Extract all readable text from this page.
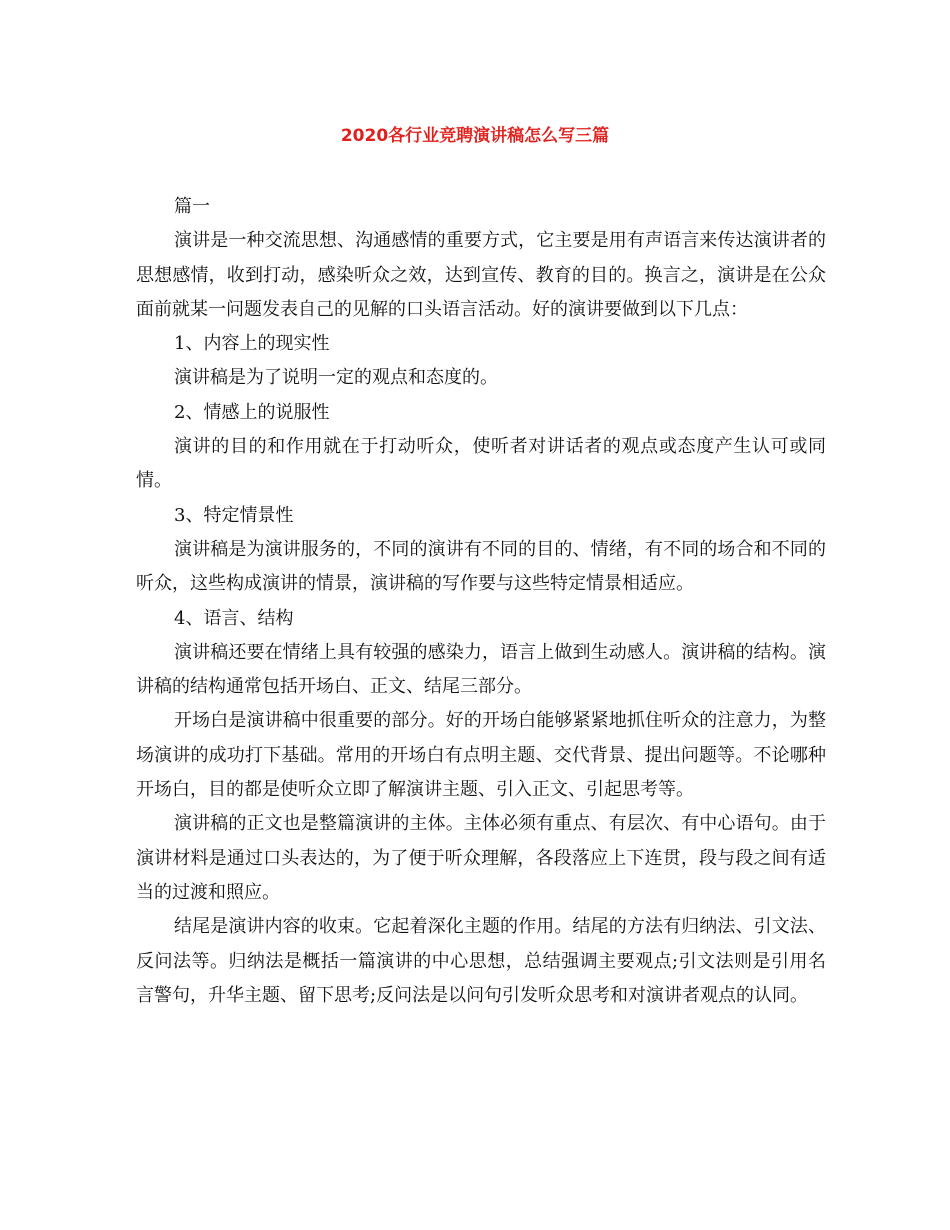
2020各行业竞聘演讲稿怎么写三篇

篇一

演讲是一种交流思想、沟通感情的重要方式，它主要是用有声语言来传达演讲者的思想感情，收到打动，感染听众之效，达到宣传、教育的目的。换言之，演讲是在公众面前就某一问题发表自己的见解的口头语言活动。好的演讲要做到以下几点：

1、内容上的现实性

演讲稿是为了说明一定的观点和态度的。

2、情感上的说服性

演讲的目的和作用就在于打动听众，使听者对讲话者的观点或态度产生认可或同情。

3、特定情景性

演讲稿是为演讲服务的，不同的演讲有不同的目的、情绪，有不同的场合和不同的听众，这些构成演讲的情景，演讲稿的写作要与这些特定情景相适应。

4、语言、结构

演讲稿还要在情绪上具有较强的感染力，语言上做到生动感人。演讲稿的结构。演讲稿的结构通常包括开场白、正文、结尾三部分。

开场白是演讲稿中很重要的部分。好的开场白能够紧紧地抓住听众的注意力，为整场演讲的成功打下基础。常用的开场白有点明主题、交代背景、提出问题等。不论哪种开场白，目的都是使听众立即了解演讲主题、引入正文、引起思考等。

演讲稿的正文也是整篇演讲的主体。主体必须有重点、有层次、有中心语句。由于演讲材料是通过口头表达的，为了便于听众理解，各段落应上下连贯，段与段之间有适当的过渡和照应。

结尾是演讲内容的收束。它起着深化主题的作用。结尾的方法有归纳法、引文法、反问法等。归纳法是概括一篇演讲的中心思想，总结强调主要观点;引文法则是引用名言警句，升华主题、留下思考;反问法是以问句引发听众思考和对演讲者观点的认同。
